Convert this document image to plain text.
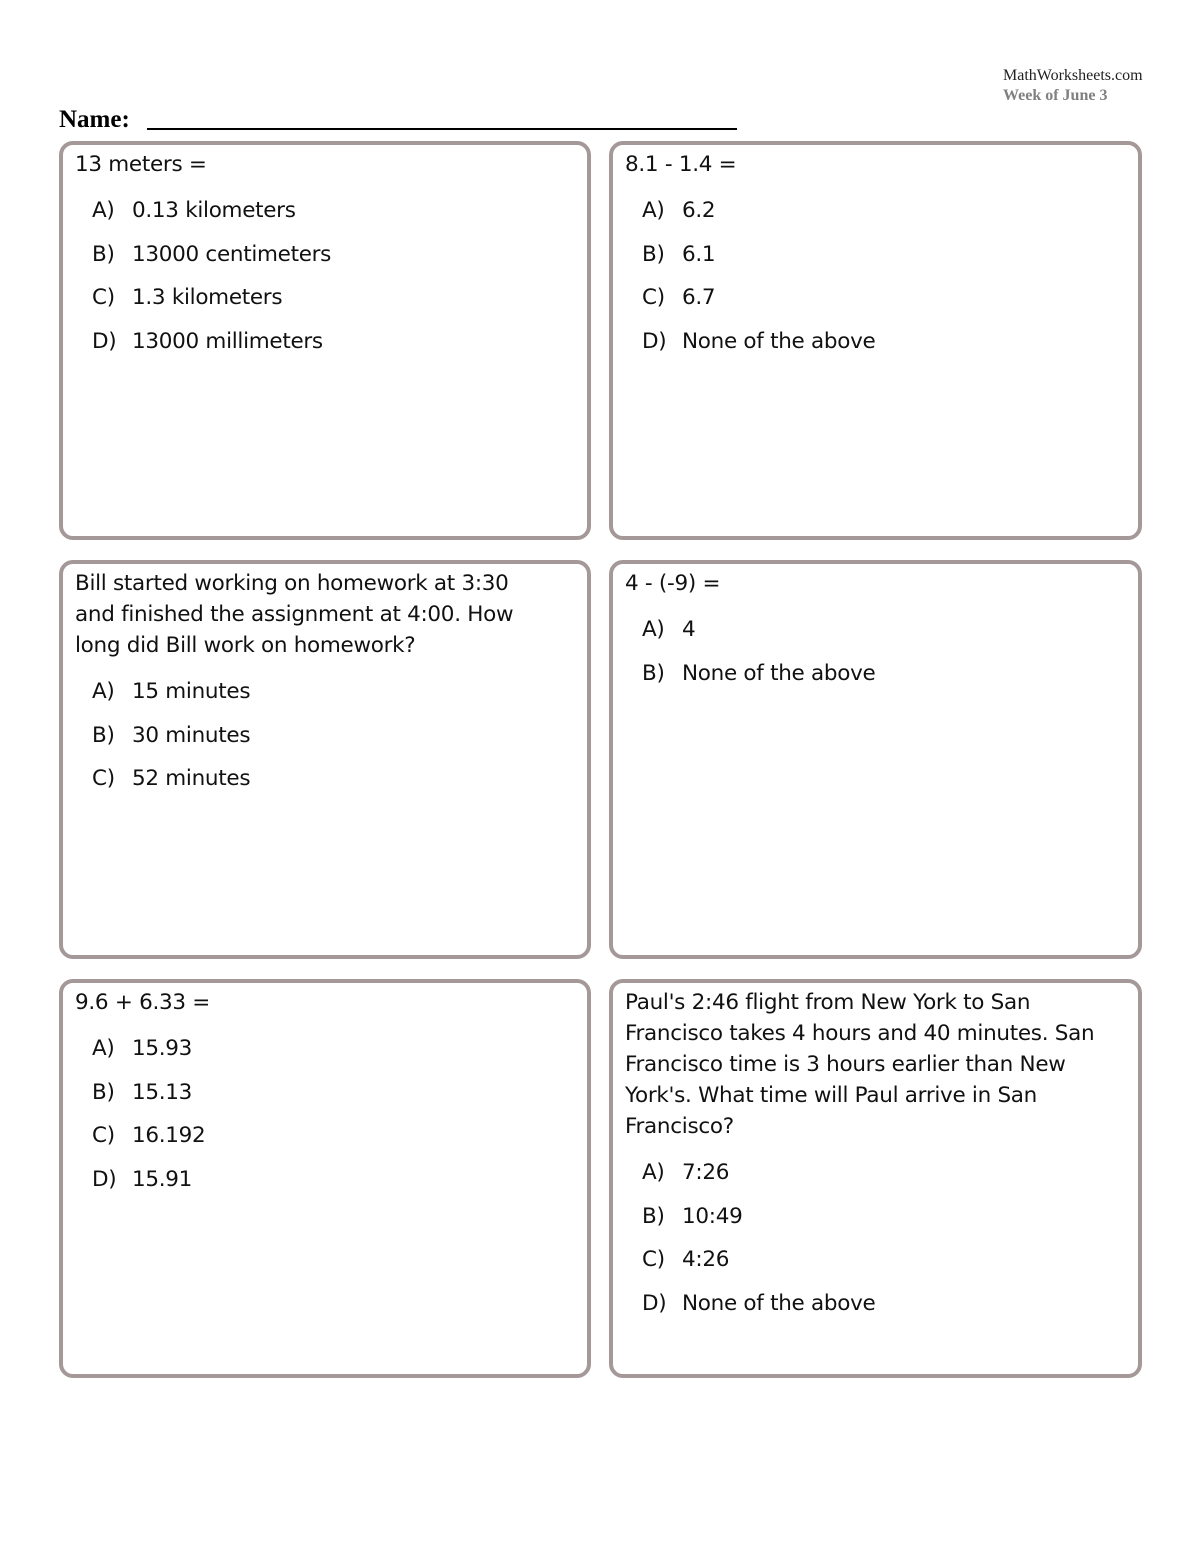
MathWorksheets.com
Week of June 3
Name:
13 meters =
A) 0.13 kilometers
B) 13000 centimeters
C) 1.3 kilometers
D) 13000 millimeters
8.1 - 1.4 =
A) 6.2
B) 6.1
C) 6.7
D) None of the above
Bill started working on homework at 3:30 and finished the assignment at 4:00. How long did Bill work on homework?
A) 15 minutes
B) 30 minutes
C) 52 minutes
4 - (-9) =
A) 4
B) None of the above
9.6 + 6.33 =
A) 15.93
B) 15.13
C) 16.192
D) 15.91
Paul's 2:46 flight from New York to San Francisco takes 4 hours and 40 minutes. San Francisco time is 3 hours earlier than New York's. What time will Paul arrive in San Francisco?
A) 7:26
B) 10:49
C) 4:26
D) None of the above
